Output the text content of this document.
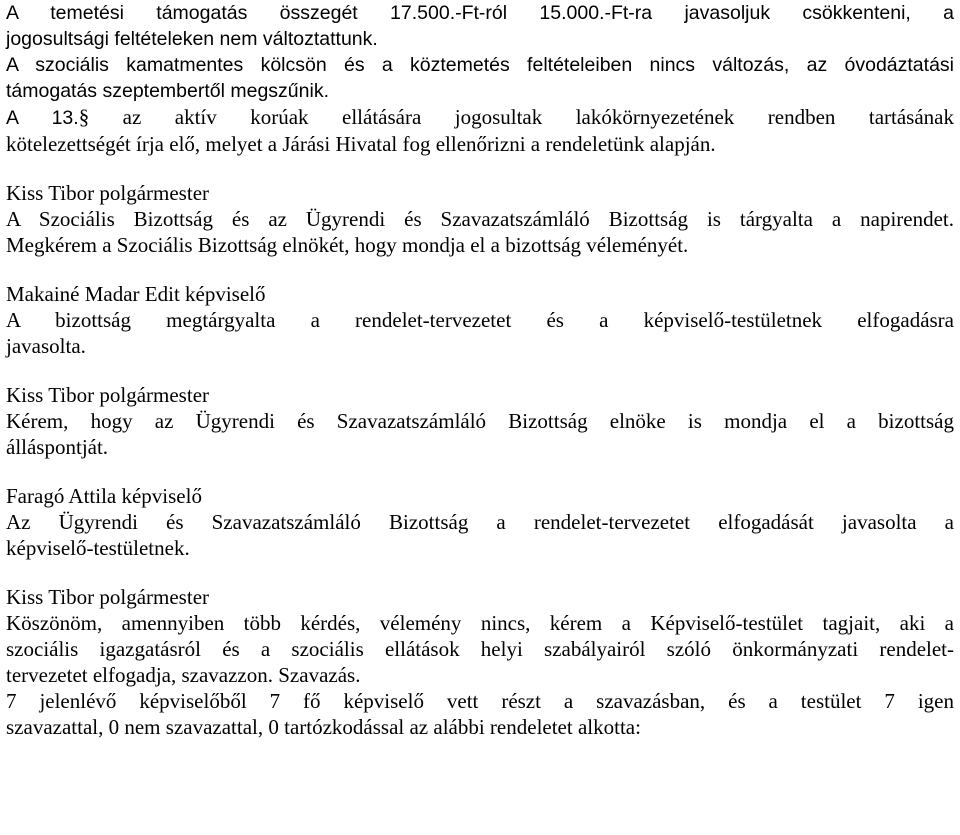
A temetési támogatás összegét 17.500.-Ft-ról 15.000.-Ft-ra javasoljuk csökkenteni, a

jogosultsági feltételeken nem változtattunk.

A szociális kamatmentes kölcsön és a köztemetés feltételeiben nincs változás, az óvodáztatási

támogatás szeptembertől megszűnik.

A 13.§ az aktív korúak ellátására jogosultak lakókörnyezetének rendben tartásának

kötelezettségét írja elő, melyet a Járási Hivatal fog ellenőrizni a rendeletünk alapján.

Kiss Tibor polgármester

A Szociális Bizottság és az Ügyrendi és Szavazatszámláló Bizottság is tárgyalta a napirendet.

Megkérem a Szociális Bizottság elnökét, hogy mondja el a bizottság véleményét.

Makainé Madar Edit képviselő

A bizottság megtárgyalta a rendelet-tervezetet és a képviselő-testületnek elfogadásra

javasolta.

Kiss Tibor polgármester

Kérem, hogy az Ügyrendi és Szavazatszámláló Bizottság elnöke is mondja el a bizottság

álláspontját.

Faragó Attila képviselő

Az Ügyrendi és Szavazatszámláló Bizottság a rendelet-tervezetet elfogadását javasolta a

képviselő-testületnek.

Kiss Tibor polgármester

Köszönöm, amennyiben több kérdés, vélemény nincs, kérem a Képviselő-testület tagjait, aki a

szociális igazgatásról és a szociális ellátások helyi szabályairól szóló önkormányzati rendelet-

tervezetet elfogadja, szavazzon. Szavazás.

7 jelenlévő képviselőből 7 fő képviselő vett részt a szavazásban, és a testület 7 igen

szavazattal, 0 nem szavazattal, 0 tartózkodással az alábbi rendeletet alkotta:
